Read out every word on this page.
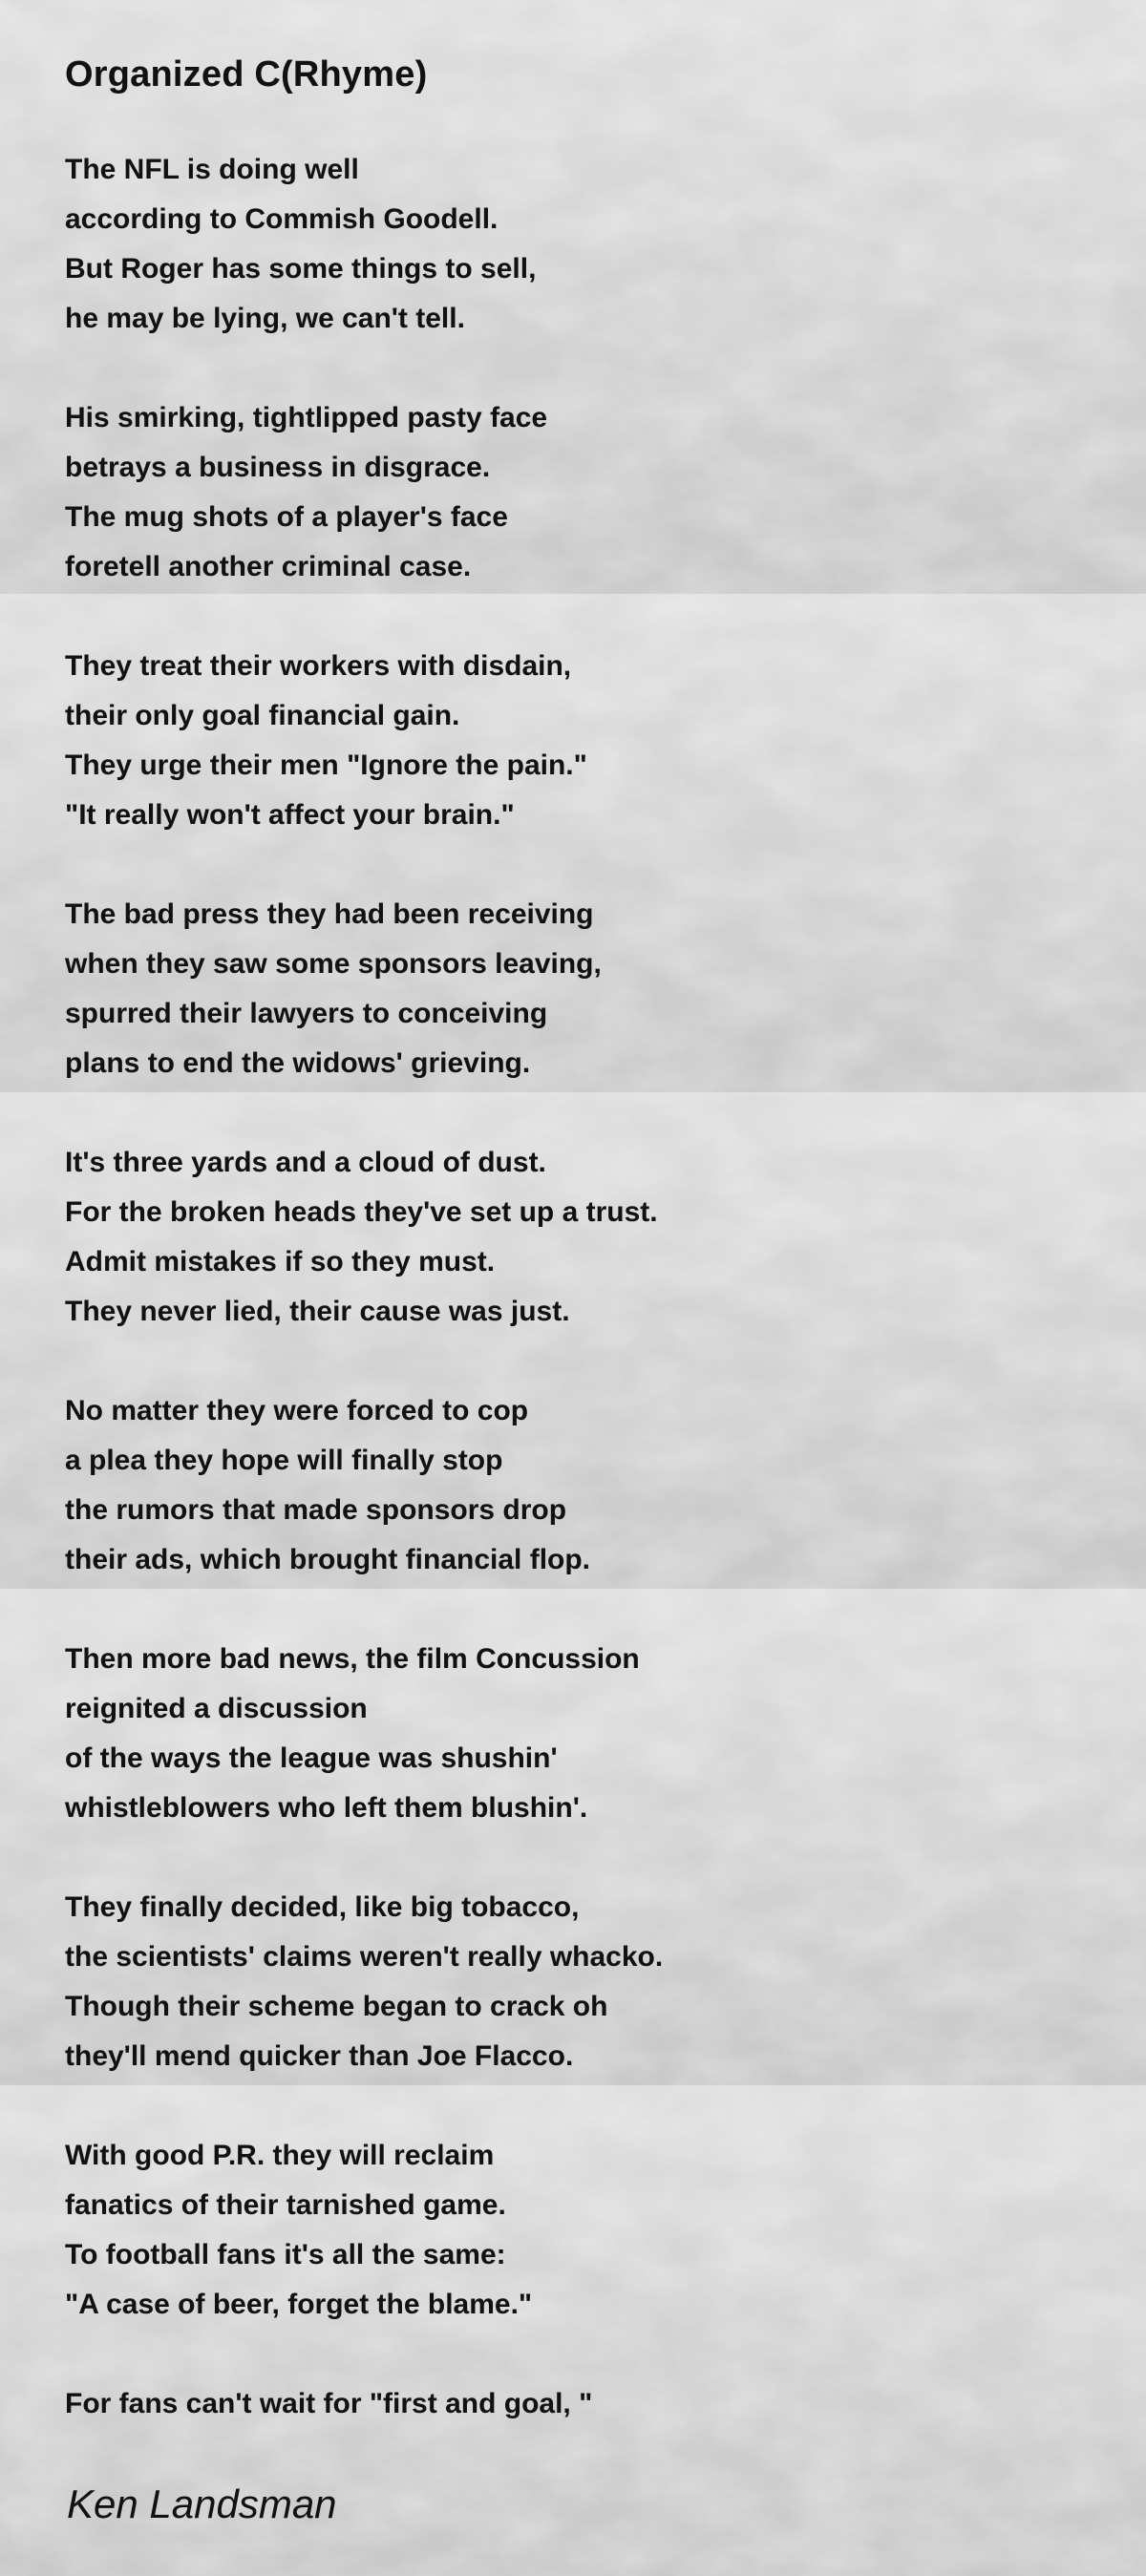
Organized C(Rhyme)
The NFL is doing well
according to Commish Goodell.
But Roger has some things to sell,
he may be lying, we can't tell.
His smirking, tightlipped pasty face
betrays a business in disgrace.
The mug shots of a player's face
foretell another criminal case.
They treat their workers with disdain,
their only goal financial gain.
They urge their men "Ignore the pain."
"It really won't affect your brain."
The bad press they had been receiving
when they saw some sponsors leaving,
spurred their lawyers to conceiving
plans to end the widows' grieving.
It's three yards and a cloud of dust.
For the broken heads they've set up a trust.
Admit mistakes if so they must.
They never lied, their cause was just.
No matter they were forced to cop
a plea they hope will finally stop
the rumors that made sponsors drop
their ads, which brought financial flop.
Then more bad news, the film Concussion
reignited a discussion
of the ways the league was shushin'
whistleblowers who left them blushin'.
They finally decided, like big tobacco,
the scientists' claims weren't really whacko.
Though their scheme began to crack oh
they'll mend quicker than Joe Flacco.
With good P.R. they will reclaim
fanatics of their tarnished game.
To football fans it's all the same:
"A case of beer, forget the blame."
For fans can't wait for "first and goal, "
Ken Landsman
